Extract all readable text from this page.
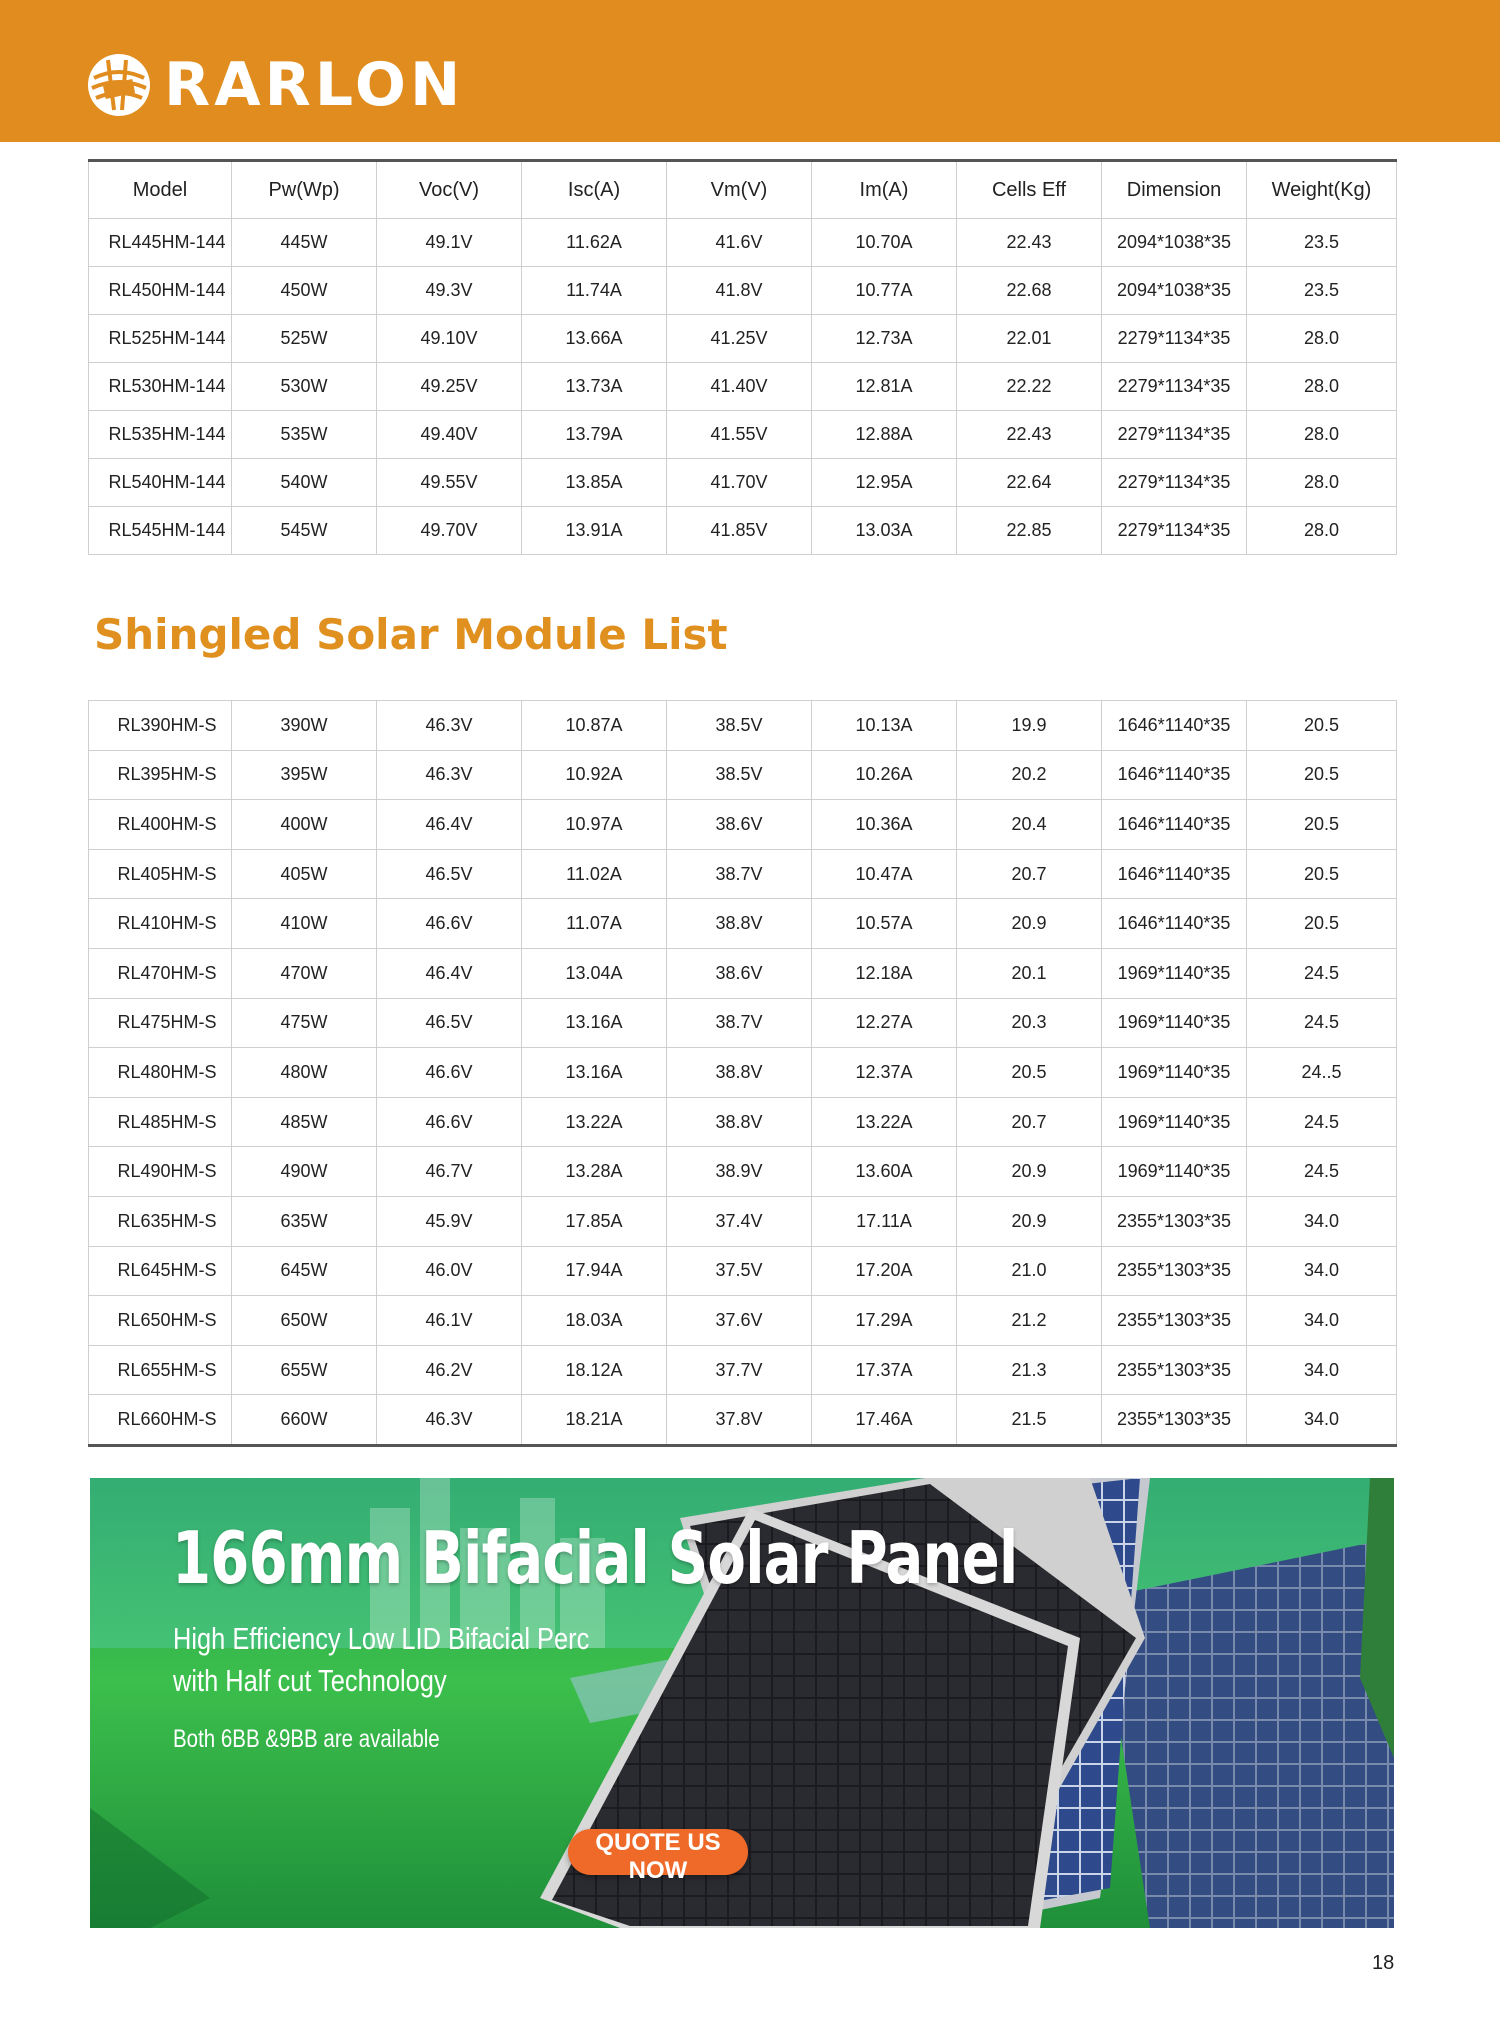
RARLON
Model	Pw(Wp)	Voc(V)	Isc(A)	Vm(V)	Im(A)	Cells Eff	Dimension	Weight(Kg)
RL445HM-144	445W	49.1V	11.62A	41.6V	10.70A	22.43	2094*1038*35	23.5
RL450HM-144	450W	49.3V	11.74A	41.8V	10.77A	22.68	2094*1038*35	23.5
RL525HM-144	525W	49.10V	13.66A	41.25V	12.73A	22.01	2279*1134*35	28.0
RL530HM-144	530W	49.25V	13.73A	41.40V	12.81A	22.22	2279*1134*35	28.0
RL535HM-144	535W	49.40V	13.79A	41.55V	12.88A	22.43	2279*1134*35	28.0
RL540HM-144	540W	49.55V	13.85A	41.70V	12.95A	22.64	2279*1134*35	28.0
RL545HM-144	545W	49.70V	13.91A	41.85V	13.03A	22.85	2279*1134*35	28.0
Shingled Solar Module List
RL390HM-S	390W	46.3V	10.87A	38.5V	10.13A	19.9	1646*1140*35	20.5
RL395HM-S	395W	46.3V	10.92A	38.5V	10.26A	20.2	1646*1140*35	20.5
RL400HM-S	400W	46.4V	10.97A	38.6V	10.36A	20.4	1646*1140*35	20.5
RL405HM-S	405W	46.5V	11.02A	38.7V	10.47A	20.7	1646*1140*35	20.5
RL410HM-S	410W	46.6V	11.07A	38.8V	10.57A	20.9	1646*1140*35	20.5
RL470HM-S	470W	46.4V	13.04A	38.6V	12.18A	20.1	1969*1140*35	24.5
RL475HM-S	475W	46.5V	13.16A	38.7V	12.27A	20.3	1969*1140*35	24.5
RL480HM-S	480W	46.6V	13.16A	38.8V	12.37A	20.5	1969*1140*35	24..5
RL485HM-S	485W	46.6V	13.22A	38.8V	13.22A	20.7	1969*1140*35	24.5
RL490HM-S	490W	46.7V	13.28A	38.9V	13.60A	20.9	1969*1140*35	24.5
RL635HM-S	635W	45.9V	17.85A	37.4V	17.11A	20.9	2355*1303*35	34.0
RL645HM-S	645W	46.0V	17.94A	37.5V	17.20A	21.0	2355*1303*35	34.0
RL650HM-S	650W	46.1V	18.03A	37.6V	17.29A	21.2	2355*1303*35	34.0
RL655HM-S	655W	46.2V	18.12A	37.7V	17.37A	21.3	2355*1303*35	34.0
RL660HM-S	660W	46.3V	18.21A	37.8V	17.46A	21.5	2355*1303*35	34.0
166mm Bifacial Solar Panel
High Efficiency Low LID Bifacial Perc
with Half cut Technology
Both 6BB &9BB are available
QUOTE US NOW
18
